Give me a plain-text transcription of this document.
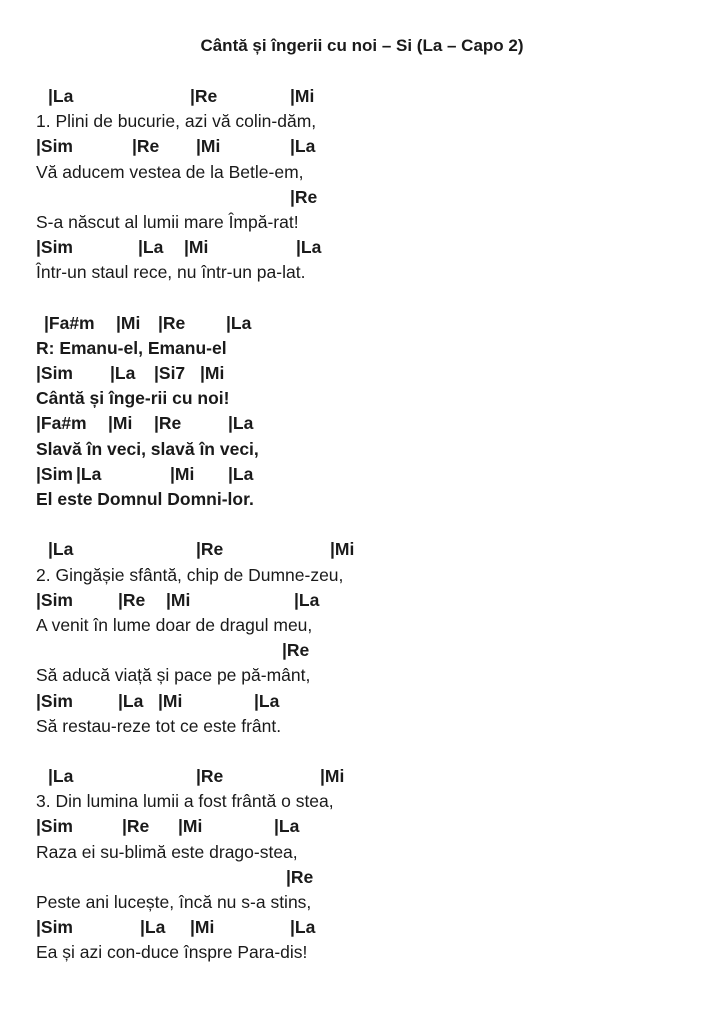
Cântă și îngerii cu noi – Si (La – Capo 2)
|La	|Re	|Mi
1. Plini de bucurie, azi vă colin-dăm,
|Sim	|Re |Mi	|La
Vă aducem vestea de la Betle-em,
|Re
S-a născut al lumii mare Împă-rat!
|Sim	|La |Mi	|La
Într-un staul rece, nu într-un pa-lat.
|Fa#m |Mi |Re |La
R: Emanu-el, Emanu-el
|Sim |La |Si7 |Mi
Cântă și înge-rii cu noi!
|Fa#m |Mi |Re	|La
Slavă în veci, slavă în veci,
|Sim |La	|Mi |La
El este Domnul Domni-lor.
|La	|Re	|Mi
2. Gingășie sfântă, chip de Dumne-zeu,
|Sim	|Re |Mi	|La
A venit în lume doar de dragul meu,
|Re
Să aducă viață și pace pe pă-mânt,
|Sim	|La |Mi	|La
Să restau-reze tot ce este frânt.
|La	|Re	|Mi
3. Din lumina lumii a fost frântă o stea,
|Sim	|Re |Mi	|La
Raza ei su-blimă este drago-stea,
|Re
Peste ani lucește, încă nu s-a stins,
|Sim	|La |Mi	|La
Ea și azi con-duce înspre Para-dis!
